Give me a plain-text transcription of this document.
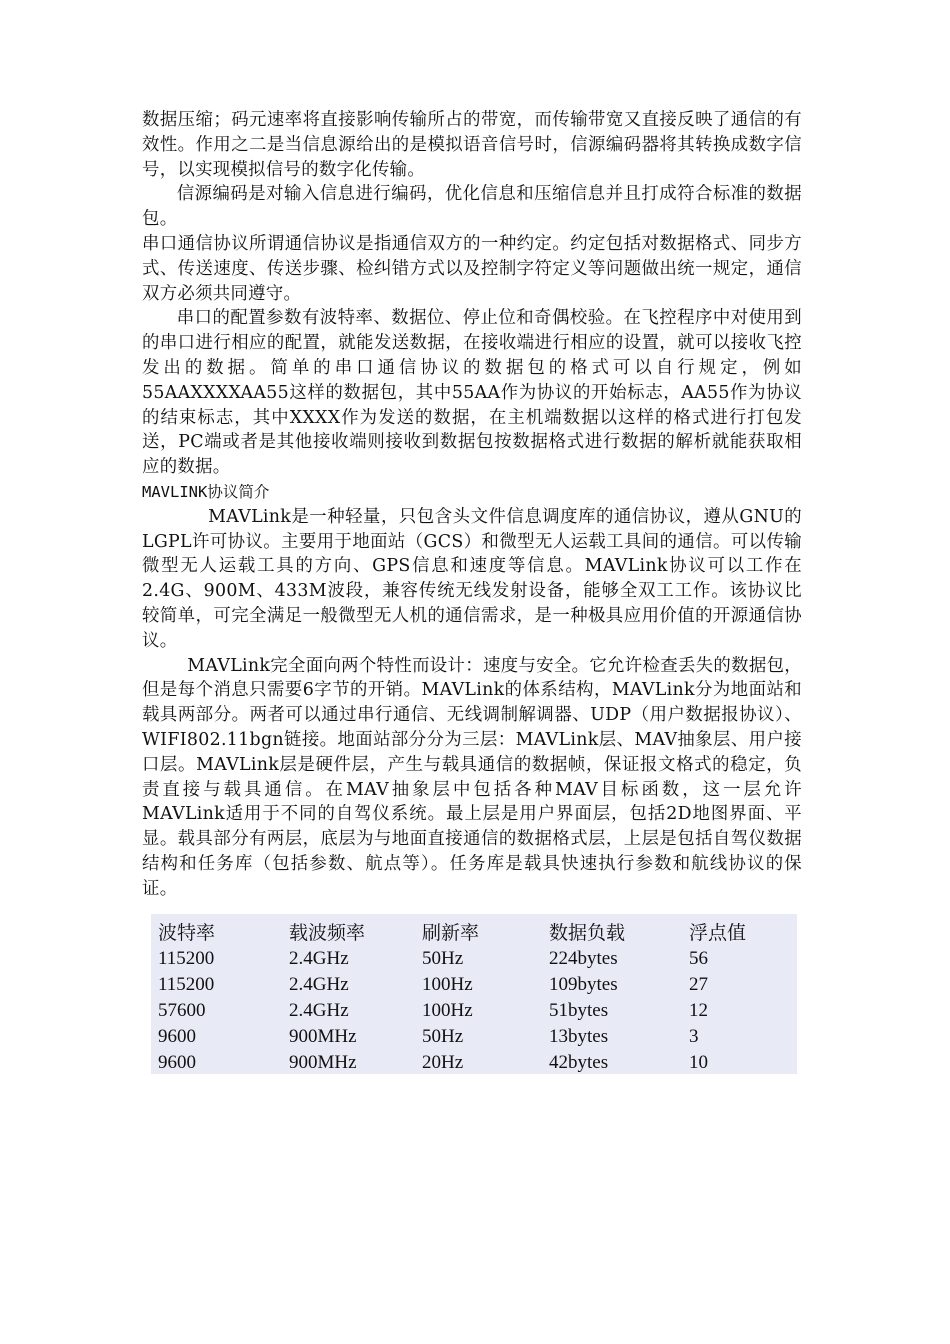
数据压缩；码元速率将直接影响传输所占的带宽，而传输带宽又直接反映了通信的有效性。作用之二是当信息源给出的是模拟语音信号时，信源编码器将其转换成数字信号，以实现模拟信号的数字化传输。

信源编码是对输入信息进行编码，优化信息和压缩信息并且打成符合标准的数据包。

串口通信协议所谓通信协议是指通信双方的一种约定。约定包括对数据格式、同步方式、传送速度、传送步骤、检纠错方式以及控制字符定义等问题做出统一规定，通信双方必须共同遵守。

串口的配置参数有波特率、数据位、停止位和奇偶校验。在飞控程序中对使用到的串口进行相应的配置，就能发送数据，在接收端进行相应的设置，就可以接收飞控发出的数据。简单的串口通信协议的数据包的格式可以自行规定，例如55AAXXXXAA55这样的数据包，其中55AA作为协议的开始标志，AA55作为协议的结束标志，其中XXXX作为发送的数据，在主机端数据以这样的格式进行打包发送，PC端或者是其他接收端则接收到数据包按数据格式进行数据的解析就能获取相应的数据。

MAVLINK协议简介

MAVLink是一种轻量，只包含头文件信息调度库的通信协议，遵从GNU的LGPL许可协议。主要用于地面站（GCS）和微型无人运载工具间的通信。可以传输微型无人运载工具的方向、GPS信息和速度等信息。MAVLink协议可以工作在2.4G、900M、433M波段，兼容传统无线发射设备，能够全双工工作。该协议比较简单，可完全满足一般微型无人机的通信需求，是一种极具应用价值的开源通信协议。

MAVLink完全面向两个特性而设计：速度与安全。它允许检查丢失的数据包，但是每个消息只需要6字节的开销。MAVLink的体系结构，MAVLink分为地面站和载具两部分。两者可以通过串行通信、无线调制解调器、UDP（用户数据报协议）、WIFI802.11bgn链接。地面站部分分为三层：MAVLink层、MAV抽象层、用户接口层。MAVLink层是硬件层，产生与载具通信的数据帧，保证报文格式的稳定，负责直接与载具通信。在MAV抽象层中包括各种MAV目标函数，这一层允许MAVLink适用于不同的自驾仪系统。最上层是用户界面层，包括2D地图界面、平显。载具部分有两层，底层为与地面直接通信的数据格式层，上层是包括自驾仪数据结构和任务库（包括参数、航点等）。任务库是载具快速执行参数和航线协议的保证。

波特率	载波频率	刷新率	数据负载	浮点值
115200	2.4GHz	50Hz	224bytes	56
115200	2.4GHz	100Hz	109bytes	27
57600	2.4GHz	100Hz	51bytes	12
9600	900MHz	50Hz	13bytes	3
9600	900MHz	20Hz	42bytes	10
